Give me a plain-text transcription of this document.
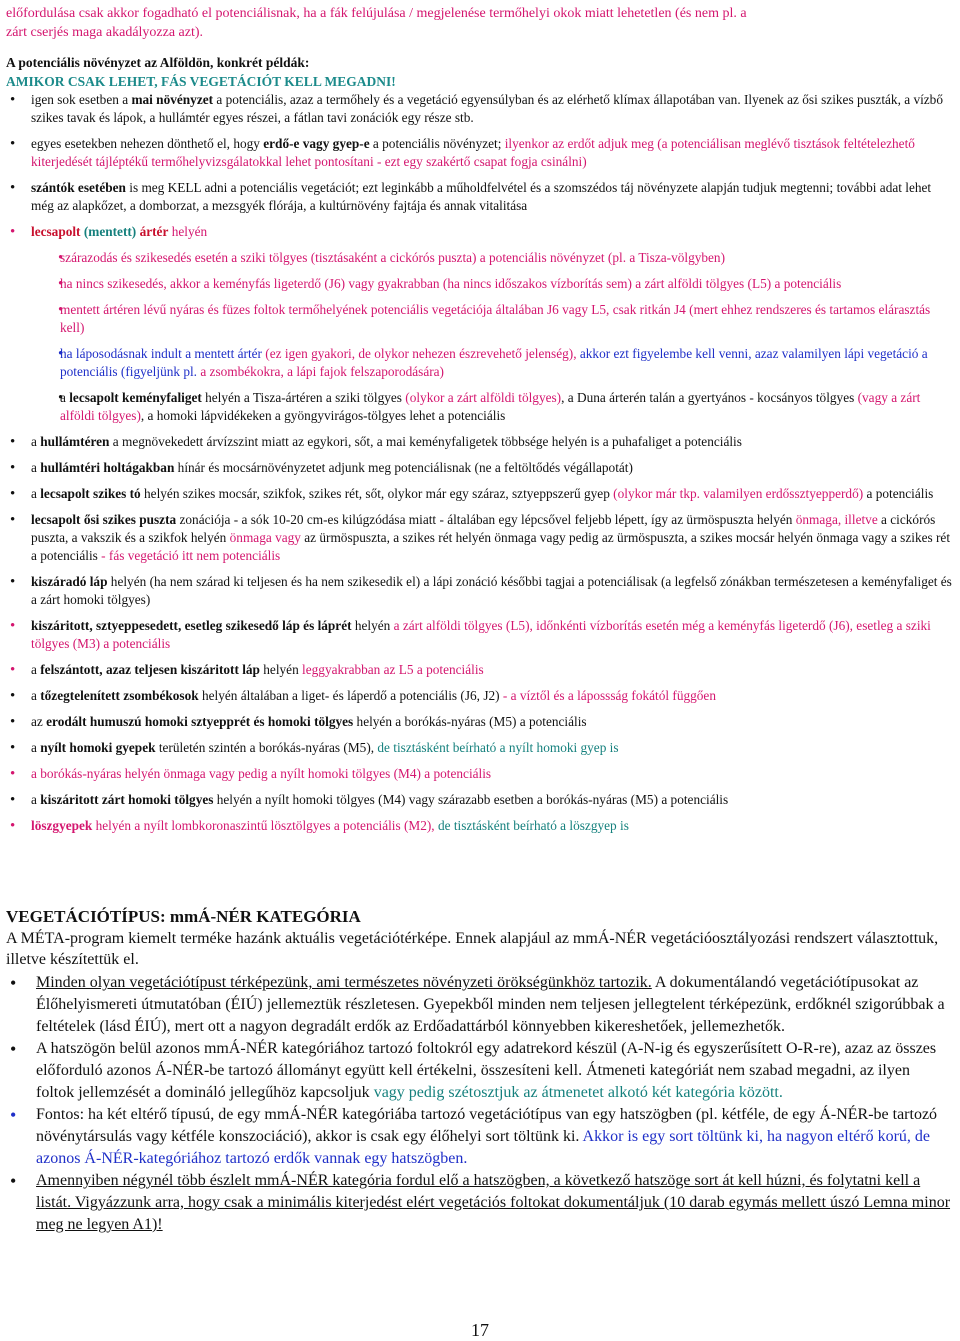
előfordulása csak akkor fogadható el potenciálisnak, ha a fák felújulása / megjelenése termőhelyi okok miatt lehetetlen (és nem pl. a
zárt cserjés maga akadályozza azt).
A potenciális növényzet az Alföldön, konkrét példák:
AMIKOR CSAK LEHET, FÁS VEGETÁCIÓT KELL MEGADNI!
• igen sok esetben a mai növényzet a potenciális, azaz a termőhely és a vegetáció egyensúlyban és az elérhető klímax állapotában van. Ilyenek az ősi szikes puszták, a vízbő szikes tavak és lápok, a hullámtér egyes részei, a fátlan tavi zonációk egy része stb.
• egyes esetekben nehezen dönthető el, hogy erdő-e vagy gyep-e a potenciális növényzet; ilyenkor az erdőt adjuk meg (a potenciálisan meglévő tisztások feltételezhető kiterjedését tájléptékű termőhelyvizsgálatokkal lehet pontosítani - ezt egy szakértő csapat fogja csinálni)
• szántók esetében is meg KELL adni a potenciális vegetációt; ezt leginkább a műholdfelvétel és a szomszédos táj növényzete alapján tudjuk megtenni; további adat lehet még az alapkőzet, a domborzat, a mezsgyék flórája, a kultúrnövény fajtája és annak vitalitása
• lecsapolt (mentett) ártér helyén
• szárazodás és szikesedés esetén a sziki tölgyes (tisztásaként a cickórós puszta) a potenciális növényzet (pl. a Tisza-völgyben)
• ha nincs szikesedés, akkor a keményfás ligeterdő (J6) vagy gyakrabban (ha nincs időszakos vízborítás sem) a zárt alföldi tölgyes (L5) a potenciális
• mentett ártéren lévű nyáras és füzes foltok termőhelyének potenciális vegetációja általában J6 vagy L5, csak ritkán J4 (mert ehhez rendszeres és tartamos elárasztás kell)
• ha láposodásnak indult a mentett ártér (ez igen gyakori, de olykor nehezen észrevehető jelenség), akkor ezt figyelembe kell venni, azaz valamilyen lápi vegetáció a potenciális (figyeljünk pl. a zsombékokra, a lápi fajok felszaporodására)
• a lecsapolt keményfaliget helyén a Tisza-ártéren a sziki tölgyes (olykor a zárt alföldi tölgyes), a Duna árterén talán a gyertyános - kocsányos tölgyes (vagy a zárt alföldi tölgyes), a homoki lápvidékeken a gyöngyvirágos-tölgyes lehet a potenciális
• a hullámtéren a megnövekedett árvízszint miatt az egykori, sőt, a mai keményfaligetek többsége helyén is a puhafaliget a potenciális
• a hullámtéri holtágakban hínár és mocsárnövényzetet adjunk meg potenciálisnak (ne a feltöltődés végállapotát)
• a lecsapolt szikes tó helyén szikes mocsár, szikfok, szikes rét, sőt, olykor már egy száraz, sztyeppszerű gyep (olykor már tkp. valamilyen erdőssztyepperdő) a potenciális
• lecsapolt ősi szikes puszta zonációja - a sók 10-20 cm-es kilúgzódása miatt - általában egy lépcsővel feljebb lépett, így az ürmöspuszta helyén önmaga, illetve a cickórós puszta, a vakszik és a szikfok helyén önmaga vagy az ürmöspuszta, a szikes rét helyén önmaga vagy pedig az ürmöspuszta, a szikes mocsár helyén önmaga vagy a szikes rét a potenciális - fás vegetáció itt nem potenciális
• kiszáradó láp helyén (ha nem szárad ki teljesen és ha nem szikesedik el) a lápi zonáció későbbi tagjai a potenciálisak (a legfelső zónákban természetesen a keményfaliget és a zárt homoki tölgyes)
• kiszáritott, sztyeppesedett, esetleg szikesedő láp és láprét helyén a zárt alföldi tölgyes (L5), időnkénti vízborítás esetén még a keményfás ligeterdő (J6), esetleg a sziki tölgyes (M3) a potenciális
• a felszántott, azaz teljesen kiszáritott láp helyén leggyakrabban az L5 a potenciális
• a tőzegtelenített zsombékosok helyén általában a liget- és láperdő a potenciális (J6, J2) - a víztől és a lápossság fokától függően
• az erodált humuszú homoki sztyepprét és homoki tölgyes helyén a borókás-nyáras (M5) a potenciális
• a nyílt homoki gyepek területén szintén a borókás-nyáras (M5), de tisztásként beírható a nyílt homoki gyep is
• a borókás-nyáras helyén önmaga vagy pedig a nyílt homoki tölgyes (M4) a potenciális
• a kiszáritott zárt homoki tölgyes helyén a nyílt homoki tölgyes (M4) vagy szárazabb esetben a borókás-nyáras (M5) a potenciális
• löszgyepek helyén a nyílt lombkoronaszintű lösztölgyes a potenciális (M2), de tisztásként beírható a löszgyep is
VEGETÁCIÓTÍPUS: mmÁ-NÉR KATEGÓRIA
A MÉTA-program kiemelt terméke hazánk aktuális vegetációtérképe. Ennek alapjául az mmÁ-NÉR vegetációosztályozási rendszert választottuk, illetve készítettük el.
• Minden olyan vegetációtípust térképezünk, ami természetes növényzeti örökségünkhöz tartozik. A dokumentálandó vegetációtípusokat az Élőhelyismereti útmutatóban (ÉIÚ) jellemeztük részletesen. Gyepekből minden nem teljesen jellegtelent térképezünk, erdőknél szigorúbbak a feltételek (lásd ÉIÚ), mert ott a nagyon degradált erdők az Erdőadattárból könnyebben kikereshetőek, jellemezhetők.
• A hatszögön belül azonos mmÁ-NÉR kategóriához tartozó foltokról egy adatrekord készül (A-N-ig és egyszerűsített O-R-re), azaz az összes előforduló azonos Á-NÉR-be tartozó állományt együtt kell értékelni, összesíteni kell. Átmeneti kategóriát nem szabad megadni, az ilyen foltok jellemzését a domináló jellegűhöz kapcsoljuk vagy pedig szétosztjuk az átmenetet alkotó két kategória között.
• Fontos: ha két eltérő típusú, de egy mmÁ-NÉR kategóriába tartozó vegetációtípus van egy hatszögben (pl. kétféle, de egy Á-NÉR-be tartozó növénytársulás vagy kétféle konszociáció), akkor is csak egy élőhelyi sort töltünk ki. Akkor is egy sort töltünk ki, ha nagyon eltérő korú, de azonos Á-NÉR-kategóriához tartozó erdők vannak egy hatszögben.
• Amennyiben négynél több észlelt mmÁ-NÉR kategória fordul elő a hatszögben, a következő hatszöge sort át kell húzni, és folytatni kell a listát. Vigyázzunk arra, hogy csak a minimális kiterjedést elért vegetációs foltokat dokumentáljuk (10 darab egymás mellett úszó Lemna minor meg ne legyen A1)!
17
